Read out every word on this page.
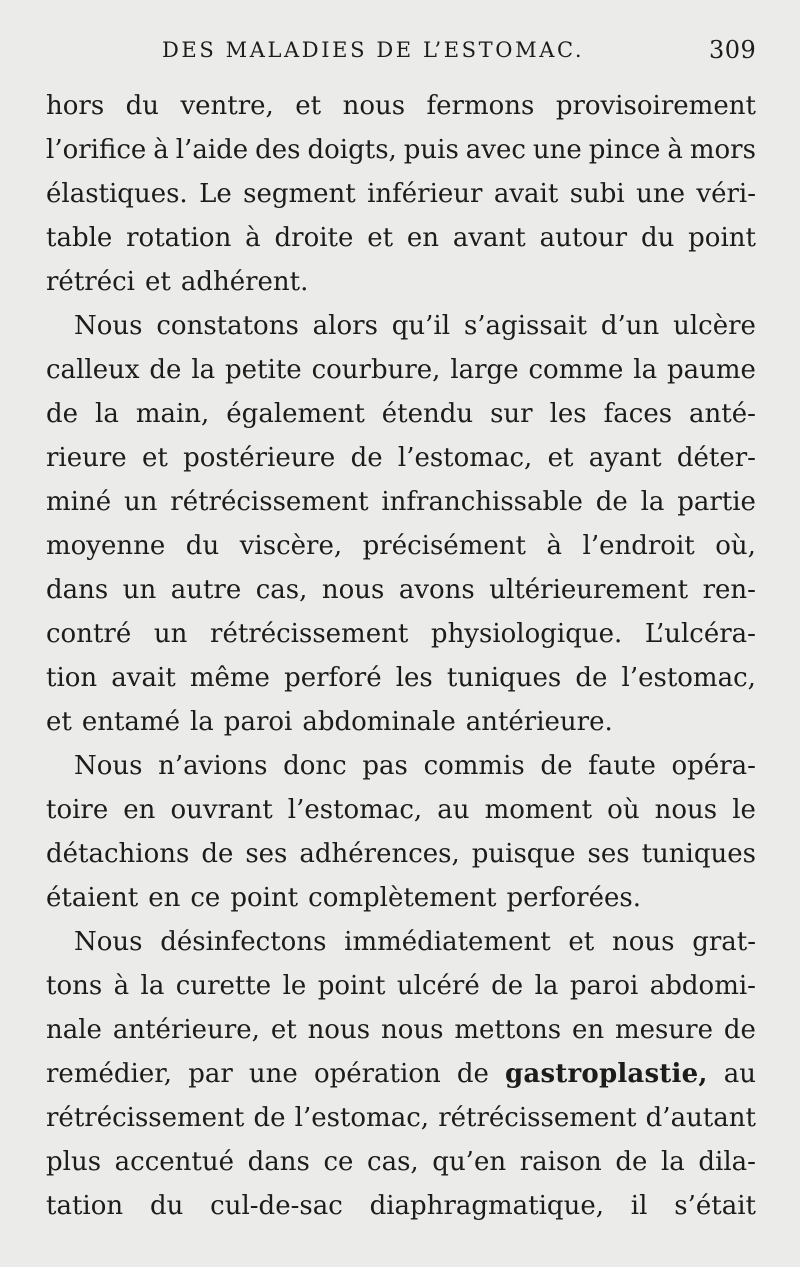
DES MALADIES DE L’ESTOMAC.	309
hors du ventre, et nous fermons provisoirement
l’orifice à l’aide des doigts, puis avec une pince à mors
élastiques. Le segment inférieur avait subi une véri-
table rotation à droite et en avant autour du point
rétréci et adhérent.
Nous constatons alors qu’il s’agissait d’un ulcère
calleux de la petite courbure, large comme la paume
de la main, également étendu sur les faces anté-
rieure et postérieure de l’estomac, et ayant déter-
miné un rétrécissement infranchissable de la partie
moyenne du viscère, précisément à l’endroit où,
dans un autre cas, nous avons ultérieurement ren-
contré un rétrécissement physiologique. L’ulcéra-
tion avait même perforé les tuniques de l’estomac,
et entamé la paroi abdominale antérieure.
Nous n’avions donc pas commis de faute opéra-
toire en ouvrant l’estomac, au moment où nous le
détachions de ses adhérences, puisque ses tuniques
étaient en ce point complètement perforées.
Nous désinfectons immédiatement et nous grat-
tons à la curette le point ulcéré de la paroi abdomi-
nale antérieure, et nous nous mettons en mesure de
remédier, par une opération de gastroplastie, au
rétrécissement de l’estomac, rétrécissement d’autant
plus accentué dans ce cas, qu’en raison de la dila-
tation du cul-de-sac diaphragmatique, il s’était
